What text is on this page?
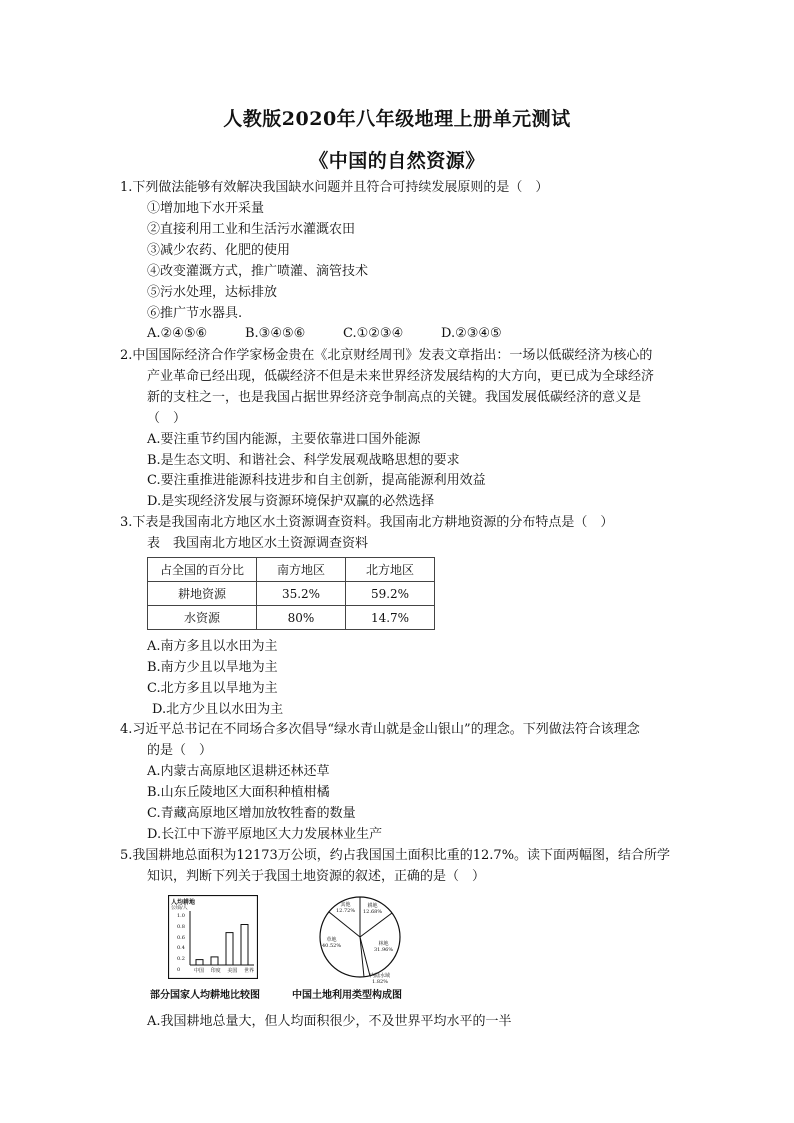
人教版2020年八年级地理上册单元测试
《中国的自然资源》
1.下列做法能够有效解决我国缺水问题并且符合可持续发展原则的是（　）
①增加地下水开采量
②直接利用工业和生活污水灌溉农田
③减少农药、化肥的使用
④改变灌溉方式，推广喷灌、滴管技术
⑤污水处理，达标排放
⑥推广节水器具.
A.②④⑤⑥	B.③④⑤⑥	C.①②③④	D.②③④⑤
2.中国国际经济合作学家杨金贵在《北京财经周刊》发表文章指出：一场以低碳经济为核心的
产业革命已经出现，低碳经济不但是未来世界经济发展结构的大方向，更已成为全球经济
新的支柱之一，也是我国占据世界经济竞争制高点的关键。我国发展低碳经济的意义是
（　）
A.要注重节约国内能源，主要依靠进口国外能源
B.是生态文明、和谐社会、科学发展观战略思想的要求
C.要注重推进能源科技进步和自主创新，提高能源利用效益
D.是实现经济发展与资源环境保护双赢的必然选择
3.下表是我国南北方地区水土资源调查资料。我国南北方耕地资源的分布特点是（　）
表　我国南北方地区水土资源调查资料
占全国的百分比	南方地区	北方地区
耕地资源	35.2%	59.2%
水资源	80%	14.7%
A.南方多且以水田为主
B.南方少且以旱地为主
C.北方多且以旱地为主
D.北方少且以水田为主
4.习近平总书记在不同场合多次倡导“绿水青山就是金山银山”的理念。下列做法符合该理念
的是（　）
A.内蒙古高原地区退耕还林还草
B.山东丘陵地区大面积种植柑橘
C.青藏高原地区增加放牧牲畜的数量
D.长江中下游平原地区大力发展林业生产
5.我国耕地总面积为12173万公顷，约占我国国土面积比重的12.7%。读下面两幅图，结合所学
知识，判断下列关于我国土地资源的叙述，正确的是（　）
人均耕地
公顷/人
1.0
0.8
0.6
0.4
0.2
0	中国 印度 美国 世界
部分国家人均耕地比较图
其他
12.72%
耕地
12.68%
草地
40.52%	林地
31.96%
内陆水域
1.82%
中国土地利用类型构成图
A.我国耕地总量大，但人均面积很少，不及世界平均水平的一半
